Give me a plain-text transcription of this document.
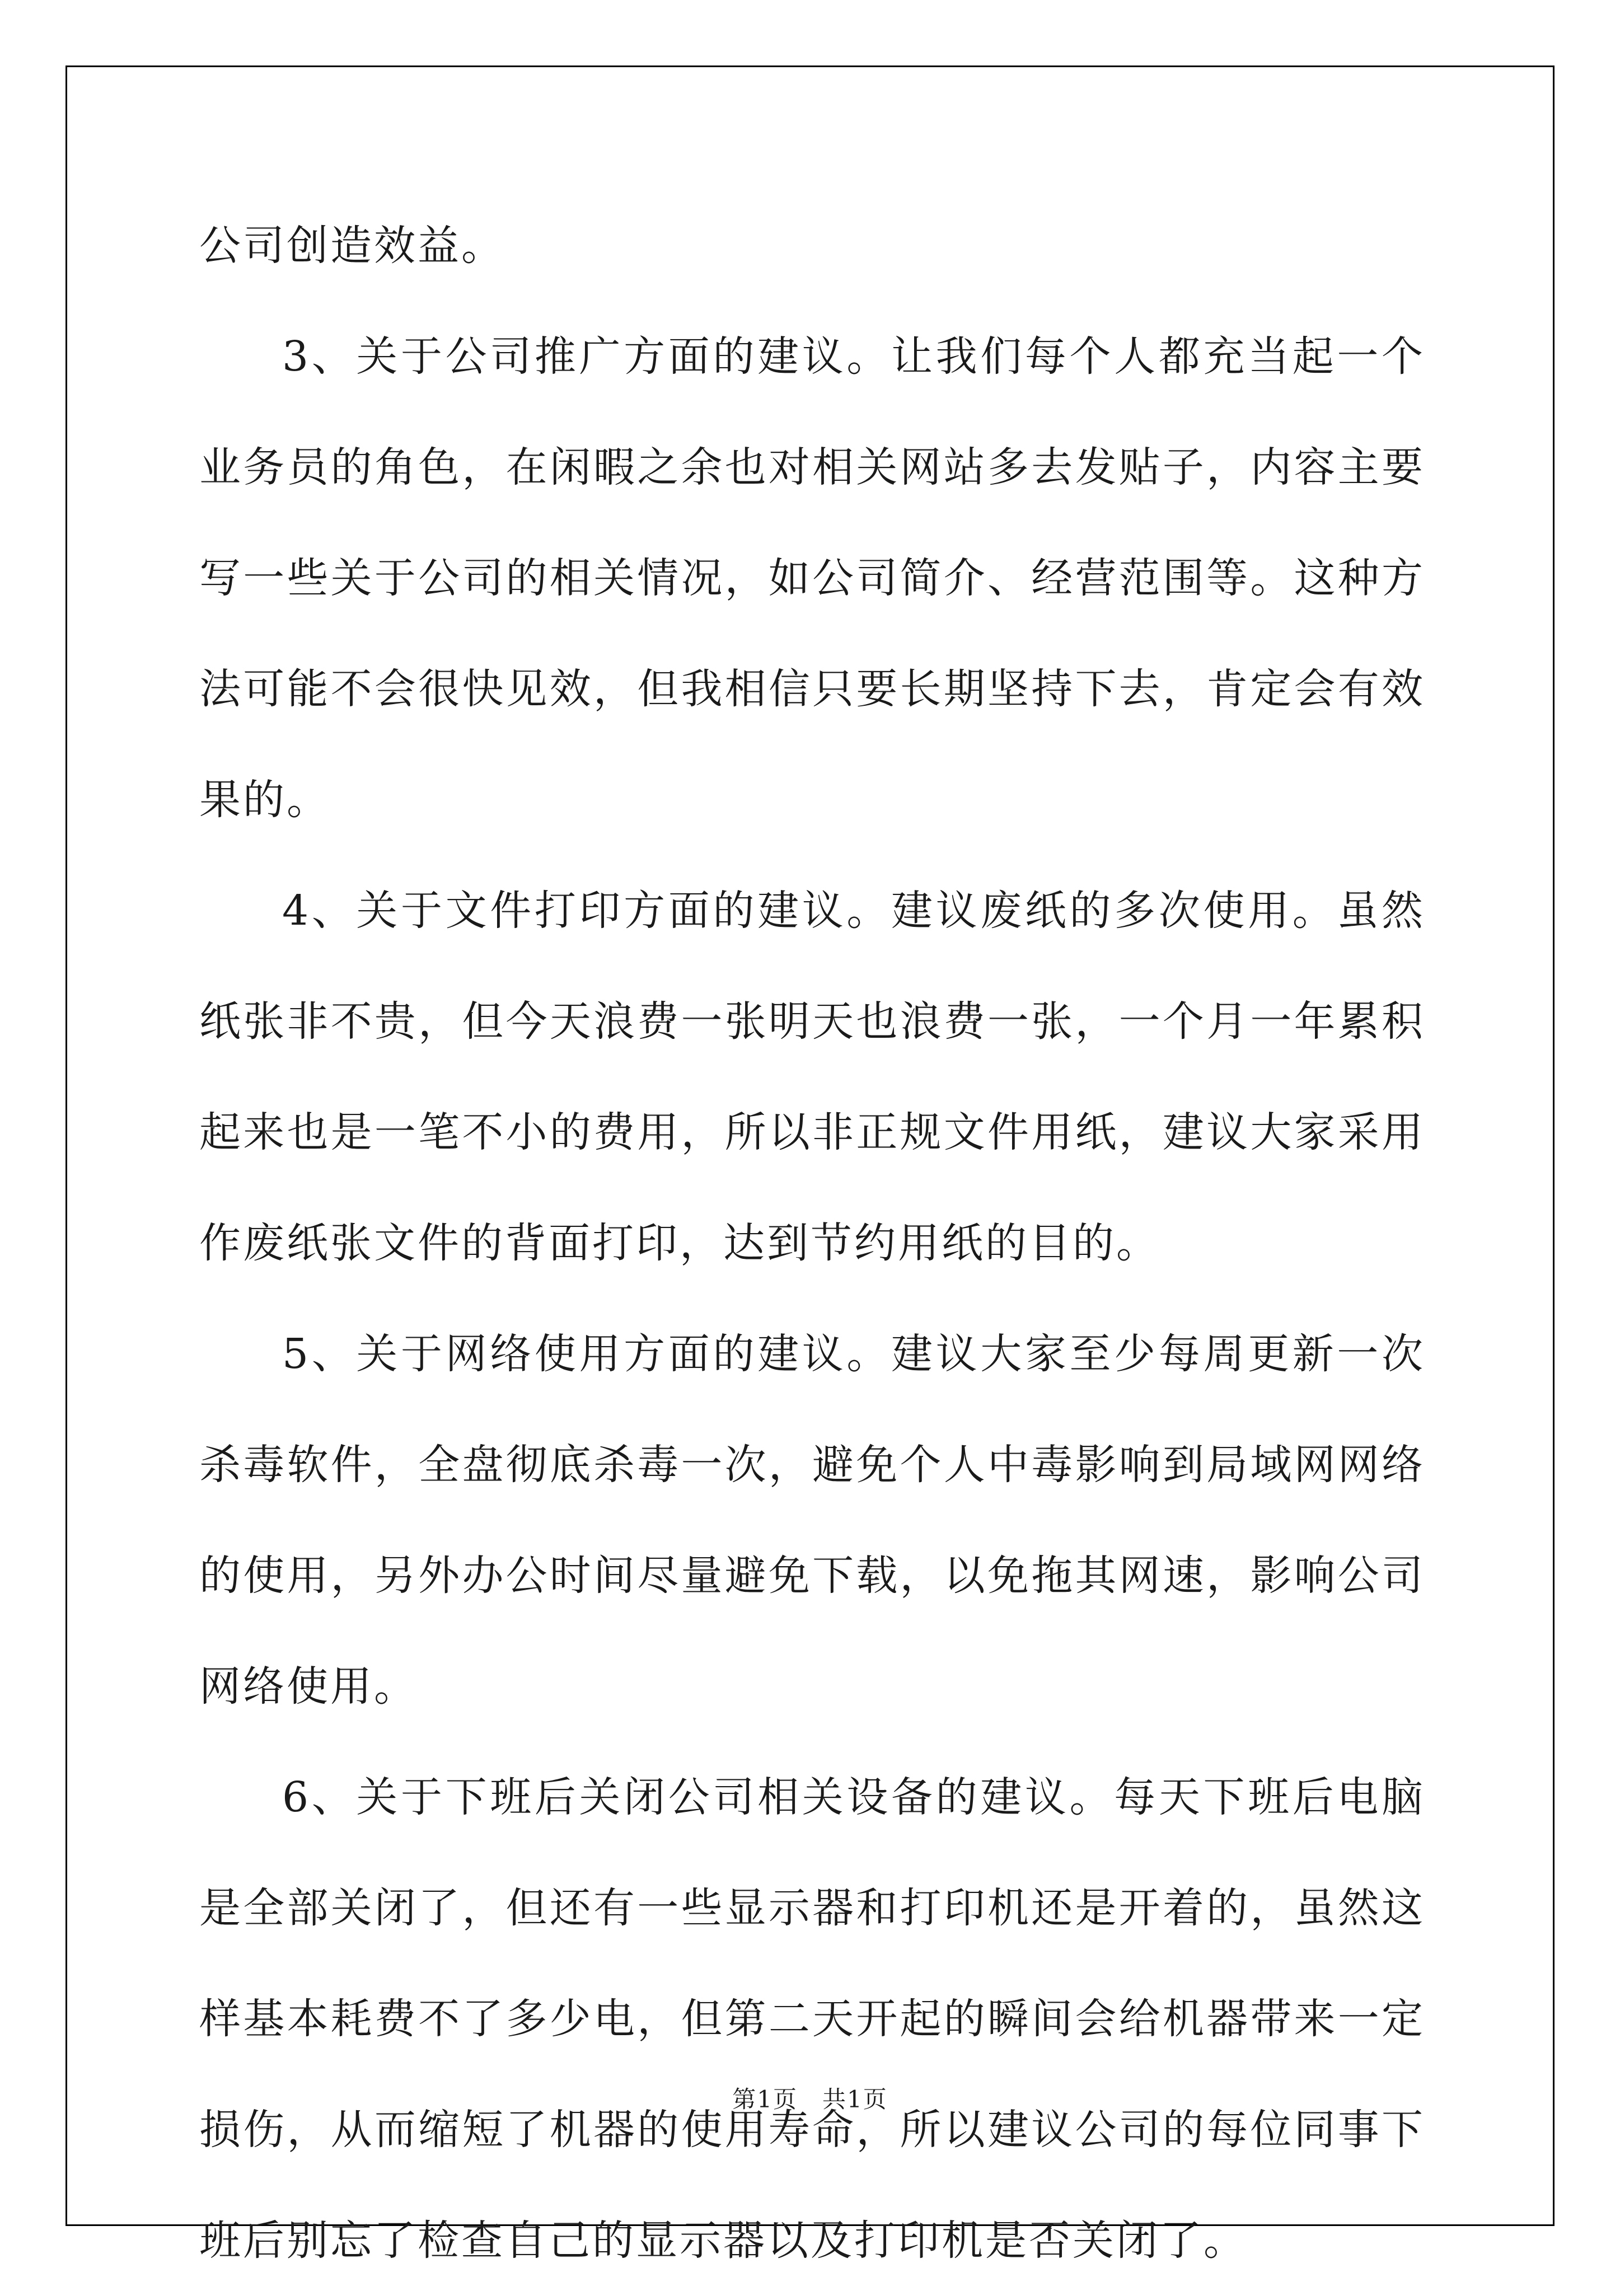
公司创造效益。

3、关于公司推广方面的建议。让我们每个人都充当起一个业务员的角色，在闲暇之余也对相关网站多去发贴子，内容主要写一些关于公司的相关情况，如公司简介、经营范围等。这种方法可能不会很快见效，但我相信只要长期坚持下去，肯定会有效果的。

4、关于文件打印方面的建议。建议废纸的多次使用。虽然纸张非不贵，但今天浪费一张明天也浪费一张，一个月一年累积起来也是一笔不小的费用，所以非正规文件用纸，建议大家采用作废纸张文件的背面打印，达到节约用纸的目的。

5、关于网络使用方面的建议。建议大家至少每周更新一次杀毒软件，全盘彻底杀毒一次，避免个人中毒影响到局域网网络的使用，另外办公时间尽量避免下载，以免拖其网速，影响公司网络使用。

6、关于下班后关闭公司相关设备的建议。每天下班后电脑是全部关闭了，但还有一些显示器和打印机还是开着的，虽然这样基本耗费不了多少电，但第二天开起的瞬间会给机器带来一定损伤，从而缩短了机器的使用寿命，所以建议公司的每位同事下班后别忘了检查自己的显示器以及打印机是否关闭了。

第1页　共1页
